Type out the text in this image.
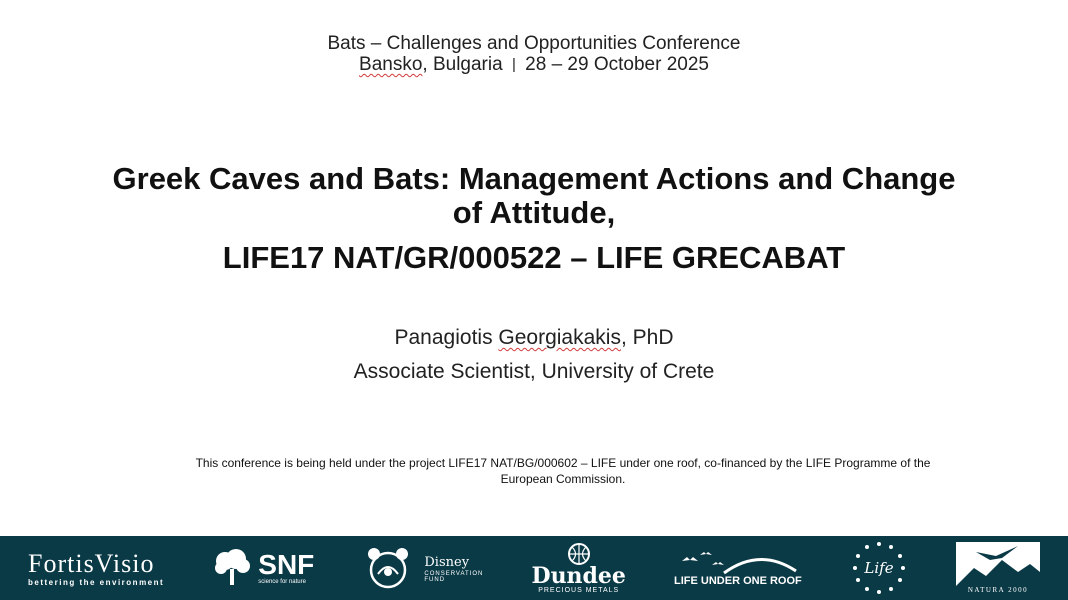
Bats – Challenges and Opportunities Conference
Bansko, Bulgaria | 28 – 29 October 2025
Greek Caves and Bats: Management Actions and Change
of Attitude,
LIFE17 NAT/GR/000522 – LIFE GRECABAT
Panagiotis Georgiakakis, PhD
Associate Scientist, University of Crete
This conference is being held under the project LIFE17 NAT/BG/000602 – LIFE under one roof, co-financed by the LIFE Programme of the
European Commission.
FortisVisio
bettering the environment
SNF
science for nature
Disney
CONSERVATION
FUND	Dundee
PRECIOUS METALS
LIFE UNDER ONE ROOF
Life
NATURA 2000
